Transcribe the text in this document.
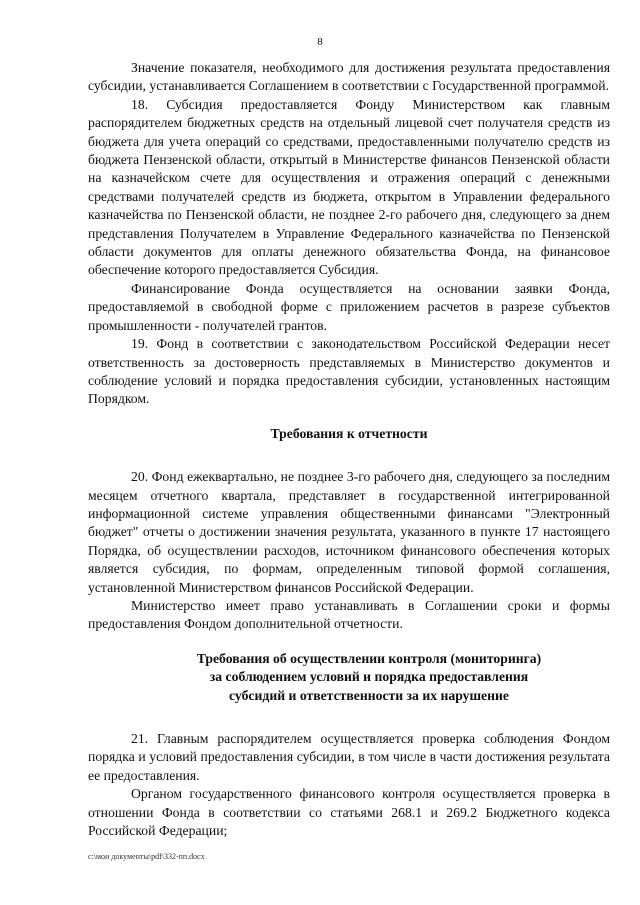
8

Значение показателя, необходимого для достижения результата предоставления субсидии, устанавливается Соглашением в соответствии с Государственной программой.

18. Субсидия предоставляется Фонду Министерством как главным распорядителем бюджетных средств на отдельный лицевой счет получателя средств из бюджета для учета операций со средствами, предоставленными получателю средств из бюджета Пензенской области, открытый в Министерстве финансов Пензенской области на казначейском счете для осуществления и отражения операций с денежными средствами получателей средств из бюджета, открытом в Управлении федерального казначейства по Пензенской области, не позднее 2-го рабочего дня, следующего за днем представления Получателем в Управление Федерального казначейства по Пензенской области документов для оплаты денежного обязательства Фонда, на финансовое обеспечение которого предоставляется Субсидия.

Финансирование Фонда осуществляется на основании заявки Фонда, предоставляемой в свободной форме с приложением расчетов в разрезе субъектов промышленности - получателей грантов.

19. Фонд в соответствии с законодательством Российской Федерации несет ответственность за достоверность представляемых в Министерство документов и соблюдение условий и порядка предоставления субсидии, установленных настоящим Порядком.

Требования к отчетности

20. Фонд ежеквартально, не позднее 3-го рабочего дня, следующего за последним месяцем отчетного квартала, представляет в государственной интегрированной информационной системе управления общественными финансами "Электронный бюджет" отчеты о достижении значения результата, указанного в пункте 17 настоящего Порядка, об осуществлении расходов, источником финансового обеспечения которых является субсидия, по формам, определенным типовой формой соглашения, установленной Министерством финансов Российской Федерации.

Министерство имеет право устанавливать в Соглашении сроки и формы предоставления Фондом дополнительной отчетности.

Требования об осуществлении контроля (мониторинга)
за соблюдением условий и порядка предоставления
субсидий и ответственности за их нарушение

21. Главным распорядителем осуществляется проверка соблюдения Фондом порядка и условий предоставления субсидии, в том числе в части достижения результата ее предоставления.

Органом государственного финансового контроля осуществляется проверка в отношении Фонда в соответствии со статьями 268.1 и 269.2 Бюджетного кодекса Российской Федерации;

c:\мои документы\pdf\332-пп.docx
